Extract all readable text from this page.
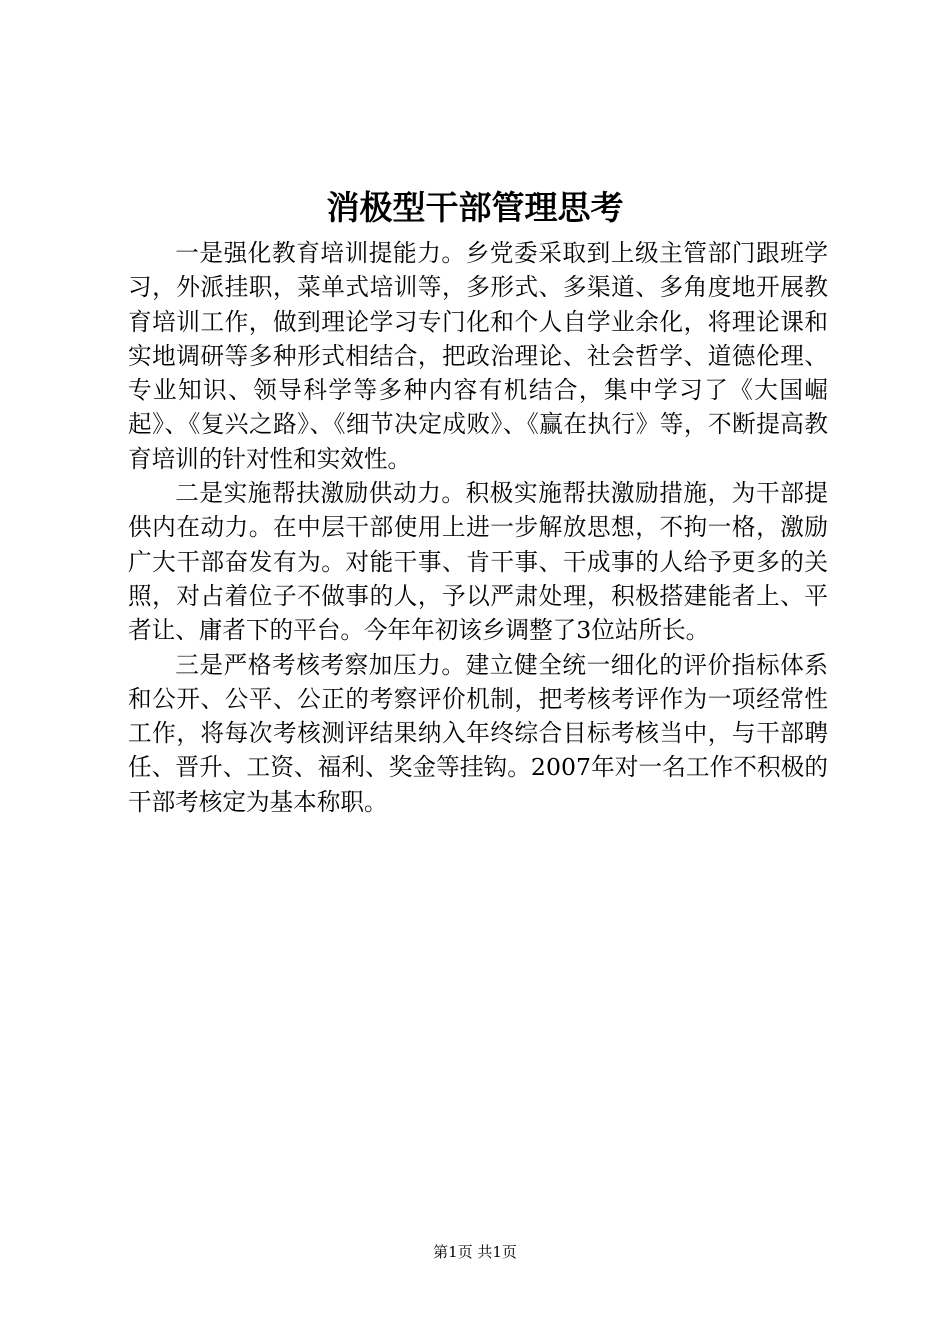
消极型干部管理思考

一是强化教育培训提能力。乡党委采取到上级主管部门跟班学习，外派挂职，菜单式培训等，多形式、多渠道、多角度地开展教育培训工作，做到理论学习专门化和个人自学业余化，将理论课和实地调研等多种形式相结合，把政治理论、社会哲学、道德伦理、专业知识、领导科学等多种内容有机结合，集中学习了《大国崛起》、《复兴之路》、《细节决定成败》、《赢在执行》等，不断提高教育培训的针对性和实效性。

二是实施帮扶激励供动力。积极实施帮扶激励措施，为干部提供内在动力。在中层干部使用上进一步解放思想，不拘一格，激励广大干部奋发有为。对能干事、肯干事、干成事的人给予更多的关照，对占着位子不做事的人，予以严肃处理，积极搭建能者上、平者让、庸者下的平台。今年年初该乡调整了3位站所长。

三是严格考核考察加压力。建立健全统一细化的评价指标体系和公开、公平、公正的考察评价机制，把考核考评作为一项经常性工作，将每次考核测评结果纳入年终综合目标考核当中，与干部聘任、晋升、工资、福利、奖金等挂钩。2007年对一名工作不积极的干部考核定为基本称职。

第1页 共1页
